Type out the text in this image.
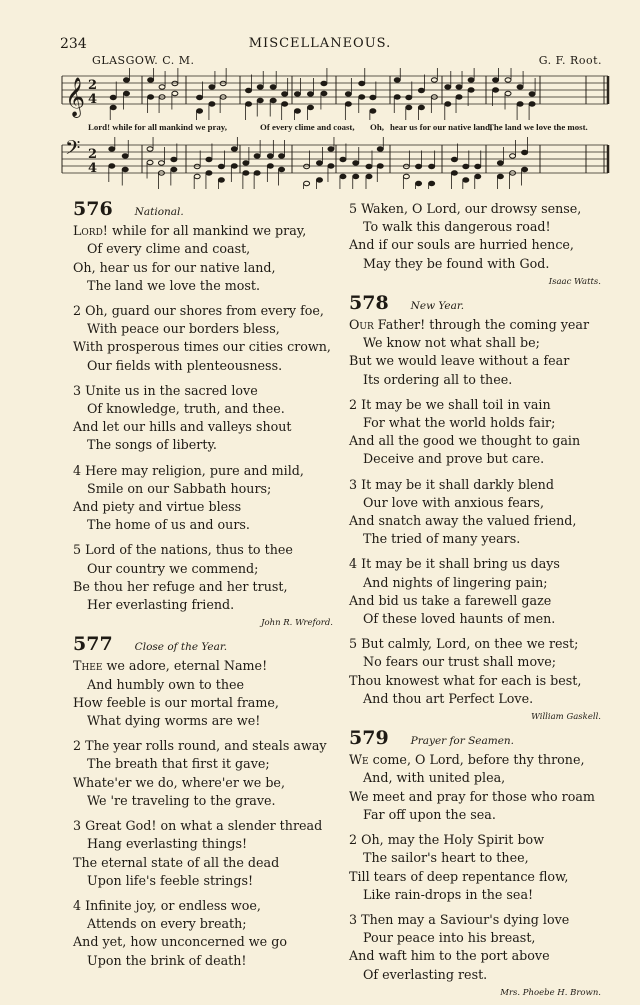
234	MISCELLANEOUS.
GLASGOW. C. M.	G. F. Root.
𝄞 2
4
Lord! while for all mankind we pray,	Of every clime and coast, Oh, hear us for our native land,
The land we love the most.
𝄢 2
4
576 National.
Lord! while for all mankind we pray,
Of every clime and coast,
Oh, hear us for our native land,
The land we love the most.
2 Oh, guard our shores from every foe,
With peace our borders bless,
With prosperous times our cities crown,
Our fields with plenteousness.
3 Unite us in the sacred love
Of knowledge, truth, and thee.
And let our hills and valleys shout
The songs of liberty.
4 Here may religion, pure and mild,
Smile on our Sabbath hours;
And piety and virtue bless
The home of us and ours.
5 Lord of the nations, thus to thee
Our country we commend;
Be thou her refuge and her trust,
Her everlasting friend.
John R. Wreford.
577 Close of the Year.
Thee we adore, eternal Name!
And humbly own to thee
How feeble is our mortal frame,
What dying worms are we!
2 The year rolls round, and steals away
The breath that first it gave;
Whate'er we do, where'er we be,
We 're traveling to the grave.
3 Great God! on what a slender thread
Hang everlasting things!
The eternal state of all the dead
Upon life's feeble strings!
4 Infinite joy, or endless woe,
Attends on every breath;
And yet, how unconcerned we go
Upon the brink of death!
5 Waken, O Lord, our drowsy sense,
To walk this dangerous road!
And if our souls are hurried hence,
May they be found with God.
Isaac Watts.
578 New Year.
Our Father! through the coming year
We know not what shall be;
But we would leave without a fear
Its ordering all to thee.
2 It may be we shall toil in vain
For what the world holds fair;
And all the good we thought to gain
Deceive and prove but care.
3 It may be it shall darkly blend
Our love with anxious fears,
And snatch away the valued friend,
The tried of many years.
4 It may be it shall bring us days
And nights of lingering pain;
And bid us take a farewell gaze
Of these loved haunts of men.
5 But calmly, Lord, on thee we rest;
No fears our trust shall move;
Thou knowest what for each is best,
And thou art Perfect Love.
William Gaskell.
579 Prayer for Seamen.
We come, O Lord, before thy throne,
And, with united plea,
We meet and pray for those who roam
Far off upon the sea.
2 Oh, may the Holy Spirit bow
The sailor's heart to thee,
Till tears of deep repentance flow,
Like rain-drops in the sea!
3 Then may a Saviour's dying love
Pour peace into his breast,
And waft him to the port above
Of everlasting rest.
Mrs. Phoebe H. Brown.
